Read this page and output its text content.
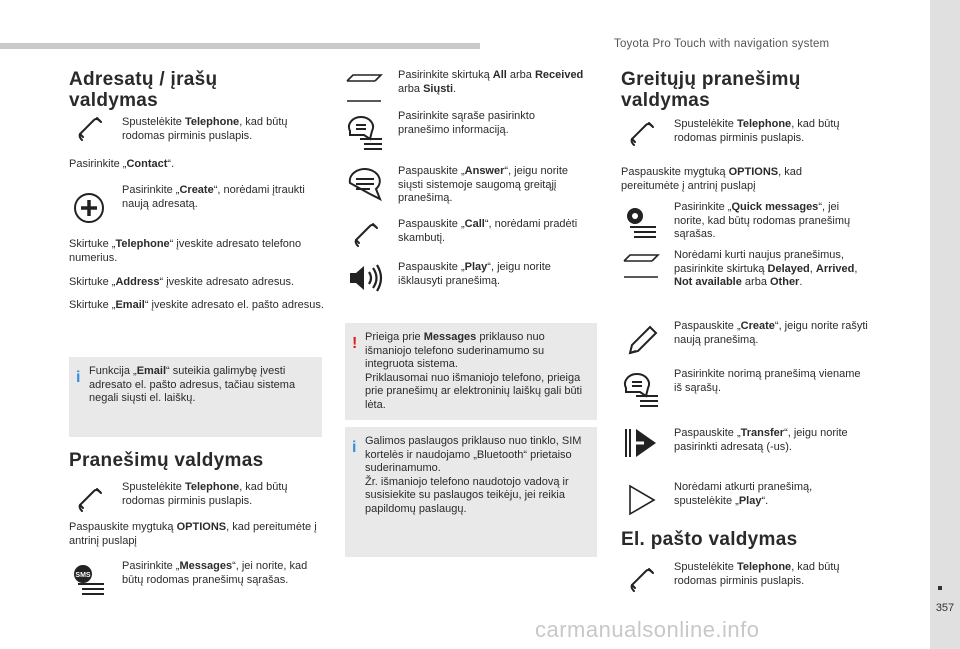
Toyota Pro Touch with navigation system
357
carmanualsonline.info
Adresatų / įrašų valdymas
Spustelėkite Telephone, kad būtų rodomas pirminis puslapis.

Pasirinkite „Contact“.

Pasirinkite „Create“, norėdami įtraukti naują adresatą.

Skirtuke „Telephone“ įveskite adresato telefono numerius.

Skirtuke „Address“ įveskite adresato adresus.

Skirtuke „Email“ įveskite adresato el. pašto adresus.

i Funkcija „Email“ suteikia galimybę įvesti adresato el. pašto adresus, tačiau sistema negali siųsti el. laiškų.
Pranešimų valdymas
Spustelėkite Telephone, kad būtų rodomas pirminis puslapis.

Paspauskite mygtuką OPTIONS, kad pereitumėte į antrinį puslapį

SMS
Pasirinkite „Messages“, jei norite, kad būtų rodomas pranešimų sąrašas.
Pasirinkite skirtuką All arba Received arba Siųsti.
Pasirinkite sąraše pasirinkto pranešimo informaciją.
Paspauskite „Answer“, jeigu norite siųsti sistemoje saugomą greitąjį pranešimą.
Paspauskite „Call“, norėdami pradėti skambutį.
Paspauskite „Play“, jeigu norite išklausyti pranešimą.
! Prieiga prie Messages priklauso nuo išmaniojo telefono suderinamumo su integruota sistema.
Priklausomai nuo išmaniojo telefono, prieiga prie pranešimų ar elektroninių laiškų gali būti lėta.
i Galimos paslaugos priklauso nuo tinklo, SIM kortelės ir naudojamo „Bluetooth“ prietaiso suderinamumo.
Žr. išmaniojo telefono naudotojo vadovą ir susisiekite su paslaugos teikėju, jei reikia papildomų paslaugų.
Greitųjų pranešimų valdymas
Spustelėkite Telephone, kad būtų rodomas pirminis puslapis.

Paspauskite mygtuką OPTIONS, kad pereitumėte į antrinį puslapį

Pasirinkite „Quick messages“, jei norite, kad būtų rodomas pranešimų sąrašas.
Norėdami kurti naujus pranešimus, pasirinkite skirtuką Delayed, Arrived, Not available arba Other.
Paspauskite „Create“, jeigu norite rašyti naują pranešimą.
Pasirinkite norimą pranešimą viename iš sąrašų.
Paspauskite „Transfer“, jeigu norite pasirinkti adresatą (-us).
Norėdami atkurti pranešimą, spustelėkite „Play“.
El. pašto valdymas
Spustelėkite Telephone, kad būtų rodomas pirminis puslapis.
